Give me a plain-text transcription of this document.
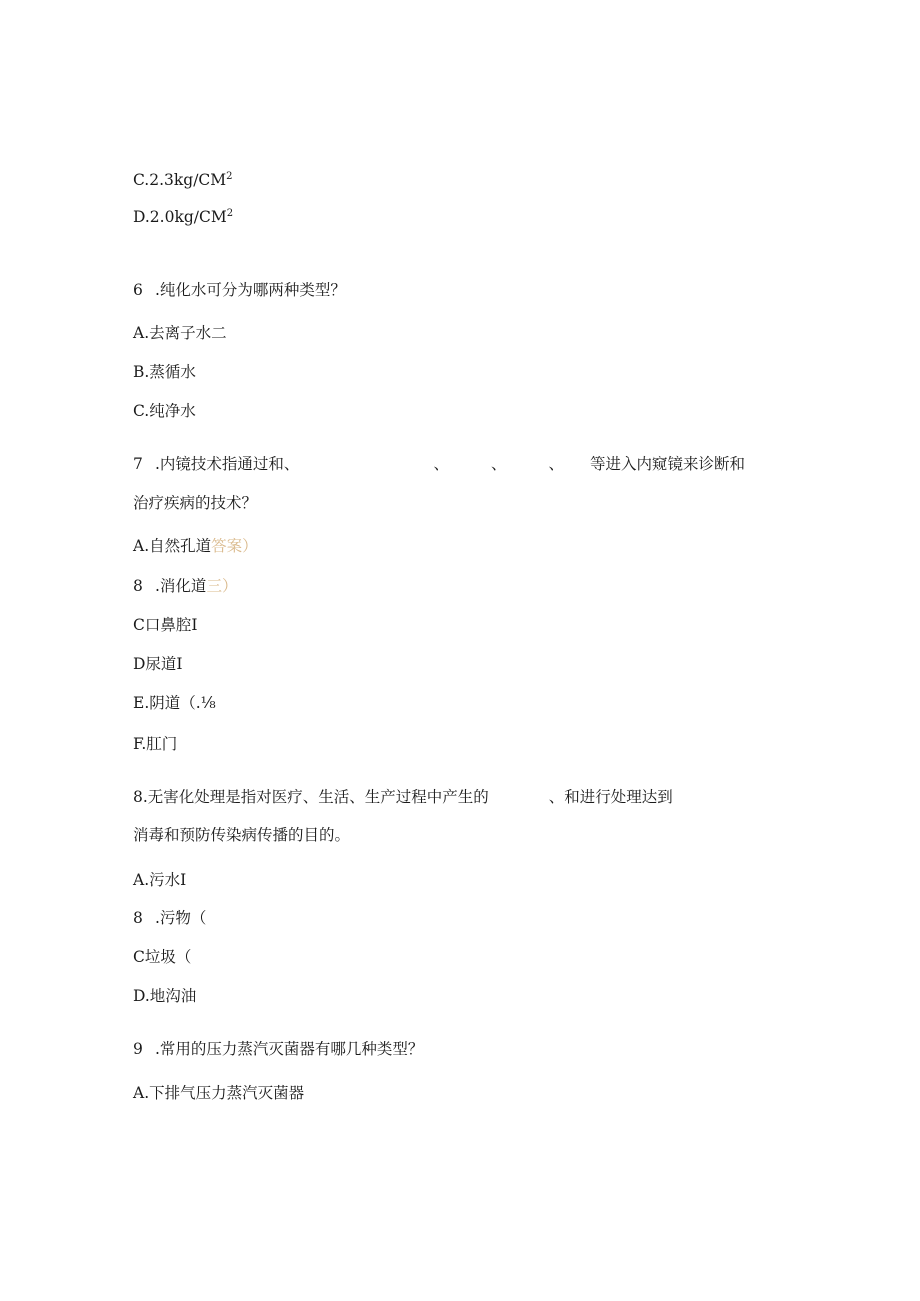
$C.2.3kg∕CM^2$
$D.2.0kg∕CM^2$
6 .纯化水可分为哪两种类型？
A.去离子水二
B.蒸循水
C.纯净水
7 .内镜技术指通过和、	、	、	、 等进入内窥镜来诊断和
治疗疾病的技术？
A.自然孔道答案）
8 .消化道三）
C口鼻腔I
D尿道I
E.阴道（.⅛
F.肛门
8.无害化处理是指对医疗、生活、生产过程中产生的	、和进行处理达到
消毒和预防传染病传播的目的。
A.污水I
8 .污物（
C垃圾（
D.地沟油
9 .常用的压力蒸汽灭菌器有哪几种类型？
A.下排气压力蒸汽灭菌器
